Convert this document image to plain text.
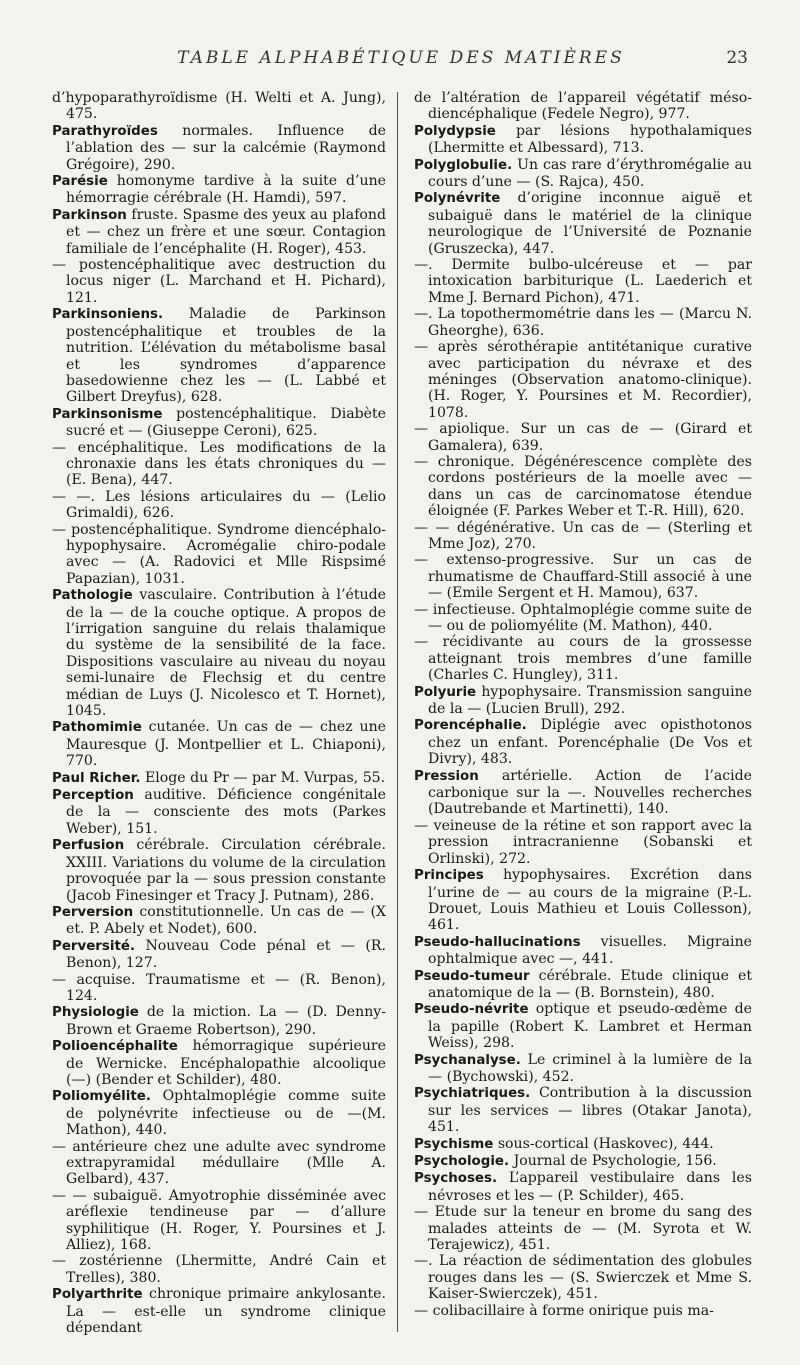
TABLE ALPHABÉTIQUE DES MATIÈRES	23

d’hypoparathyroïdisme (H. Welti et A. Jung), 475.

Parathyroïdes normales. Influence de l’ablation des — sur la calcémie (Raymond Grégoire), 290.

Parésie homonyme tardive à la suite d’une hémorragie cérébrale (H. Hamdi), 597.

Parkinson fruste. Spasme des yeux au plafond et — chez un frère et une sœur. Contagion familiale de l’encéphalite (H. Roger), 453.

— postencéphalitique avec destruction du locus niger (L. Marchand et H. Pichard), 121.

Parkinsoniens. Maladie de Parkinson postencéphalitique et troubles de la nutrition. L’élévation du métabolisme basal et les syndromes d’apparence basedowienne chez les — (L. Labbé et Gilbert Dreyfus), 628.

Parkinsonisme postencéphalitique. Diabète sucré et — (Giuseppe Ceroni), 625.

— encéphalitique. Les modifications de la chronaxie dans les états chroniques du — (E. Bena), 447.

— —. Les lésions articulaires du — (Lelio Grimaldi), 626.

— postencéphalitique. Syndrome diencéphalo-hypophysaire. Acromégalie chiro-podale avec — (A. Radovici et Mlle Rispsimé Papazian), 1031.

Pathologie vasculaire. Contribution à l’étude de la — de la couche optique. A propos de l’irrigation sanguine du relais thalamique du système de la sensibilité de la face. Dispositions vasculaire au niveau du noyau semi-lunaire de Flechsig et du centre médian de Luys (J. Nicolesco et T. Hornet), 1045.

Pathomimie cutanée. Un cas de — chez une Mauresque (J. Montpellier et L. Chiaponi), 770.

Paul Richer. Eloge du Pr — par M. Vurpas, 55.

Perception auditive. Déficience congénitale de la — consciente des mots (Parkes Weber), 151.

Perfusion cérébrale. Circulation cérébrale. XXIII. Variations du volume de la circulation provoquée par la — sous pression constante (Jacob Finesinger et Tracy J. Putnam), 286.

Perversion constitutionnelle. Un cas de — (X et. P. Abely et Nodet), 600.

Perversité. Nouveau Code pénal et — (R. Benon), 127.

— acquise. Traumatisme et — (R. Benon), 124.

Physiologie de la miction. La — (D. Denny-Brown et Graeme Robertson), 290.

Polioencéphalite hémorragique supérieure de Wernicke. Encéphalopathie alcoolique (—) (Bender et Schilder), 480.

Poliomyélite. Ophtalmoplégie comme suite de polynévrite infectieuse ou de —(M. Mathon), 440.

— antérieure chez une adulte avec syndrome extrapyramidal médullaire (Mlle A. Gelbard), 437.

— — subaiguë. Amyotrophie disséminée avec aréflexie tendineuse par — d’allure syphilitique (H. Roger, Y. Poursines et J. Alliez), 168.

— zostérienne (Lhermitte, André Cain et Trelles), 380.

Polyarthrite chronique primaire ankylosante. La — est-elle un syndrome clinique dépendant

de l’altération de l’appareil végétatif méso-diencéphalique (Fedele Negro), 977.

Polydypsie par lésions hypothalamiques (Lhermitte et Albessard), 713.

Polyglobulie. Un cas rare d’érythromégalie au cours d’une — (S. Rajca), 450.

Polynévrite d’origine inconnue aiguë et subaiguë dans le matériel de la clinique neurologique de l’Université de Poznanie (Gruszecka), 447.

—. Dermite bulbo-ulcéreuse et — par intoxication barbiturique (L. Laederich et Mme J. Bernard Pichon), 471.

—. La topothermométrie dans les — (Marcu N. Gheorghe), 636.

— après sérothérapie antitétanique curative avec participation du névraxe et des méninges (Observation anatomo-clinique). (H. Roger, Y. Poursines et M. Recordier), 1078.

— apiolique. Sur un cas de — (Girard et Gamalera), 639.

— chronique. Dégénérescence complète des cordons postérieurs de la moelle avec — dans un cas de carcinomatose étendue éloignée (F. Parkes Weber et T.-R. Hill), 620.

— — dégénérative. Un cas de — (Sterling et Mme Joz), 270.

— extenso-progressive. Sur un cas de rhumatisme de Chauffard-Still associé à une — (Emile Sergent et H. Mamou), 637.

— infectieuse. Ophtalmoplégie comme suite de — ou de poliomyélite (M. Mathon), 440.

— récidivante au cours de la grossesse atteignant trois membres d’une famille (Charles C. Hungley), 311.

Polyurie hypophysaire. Transmission sanguine de la — (Lucien Brull), 292.

Porencéphalie. Diplégie avec opisthotonos chez un enfant. Porencéphalie (De Vos et Divry), 483.

Pression artérielle. Action de l’acide carbonique sur la —. Nouvelles recherches (Dautrebande et Martinetti), 140.

— veineuse de la rétine et son rapport avec la pression intracranienne (Sobanski et Orlinski), 272.

Principes hypophysaires. Excrétion dans l’urine de — au cours de la migraine (P.-L. Drouet, Louis Mathieu et Louis Collesson), 461.

Pseudo-hallucinations visuelles. Migraine ophtalmique avec —, 441.

Pseudo-tumeur cérébrale. Etude clinique et anatomique de la — (B. Bornstein), 480.

Pseudo-névrite optique et pseudo-œdème de la papille (Robert K. Lambret et Herman Weiss), 298.

Psychanalyse. Le criminel à la lumière de la — (Bychowski), 452.

Psychiatriques. Contribution à la discussion sur les services — libres (Otakar Janota), 451.

Psychisme sous-cortical (Haskovec), 444.

Psychologie. Journal de Psychologie, 156.

Psychoses. L’appareil vestibulaire dans les névroses et les — (P. Schilder), 465.

— Etude sur la teneur en brome du sang des malades atteints de — (M. Syrota et W. Terajewicz), 451.

—. La réaction de sédimentation des globules rouges dans les — (S. Swierczek et Mme S. Kaiser-Swierczek), 451.

— colibacillaire à forme onirique puis ma-
